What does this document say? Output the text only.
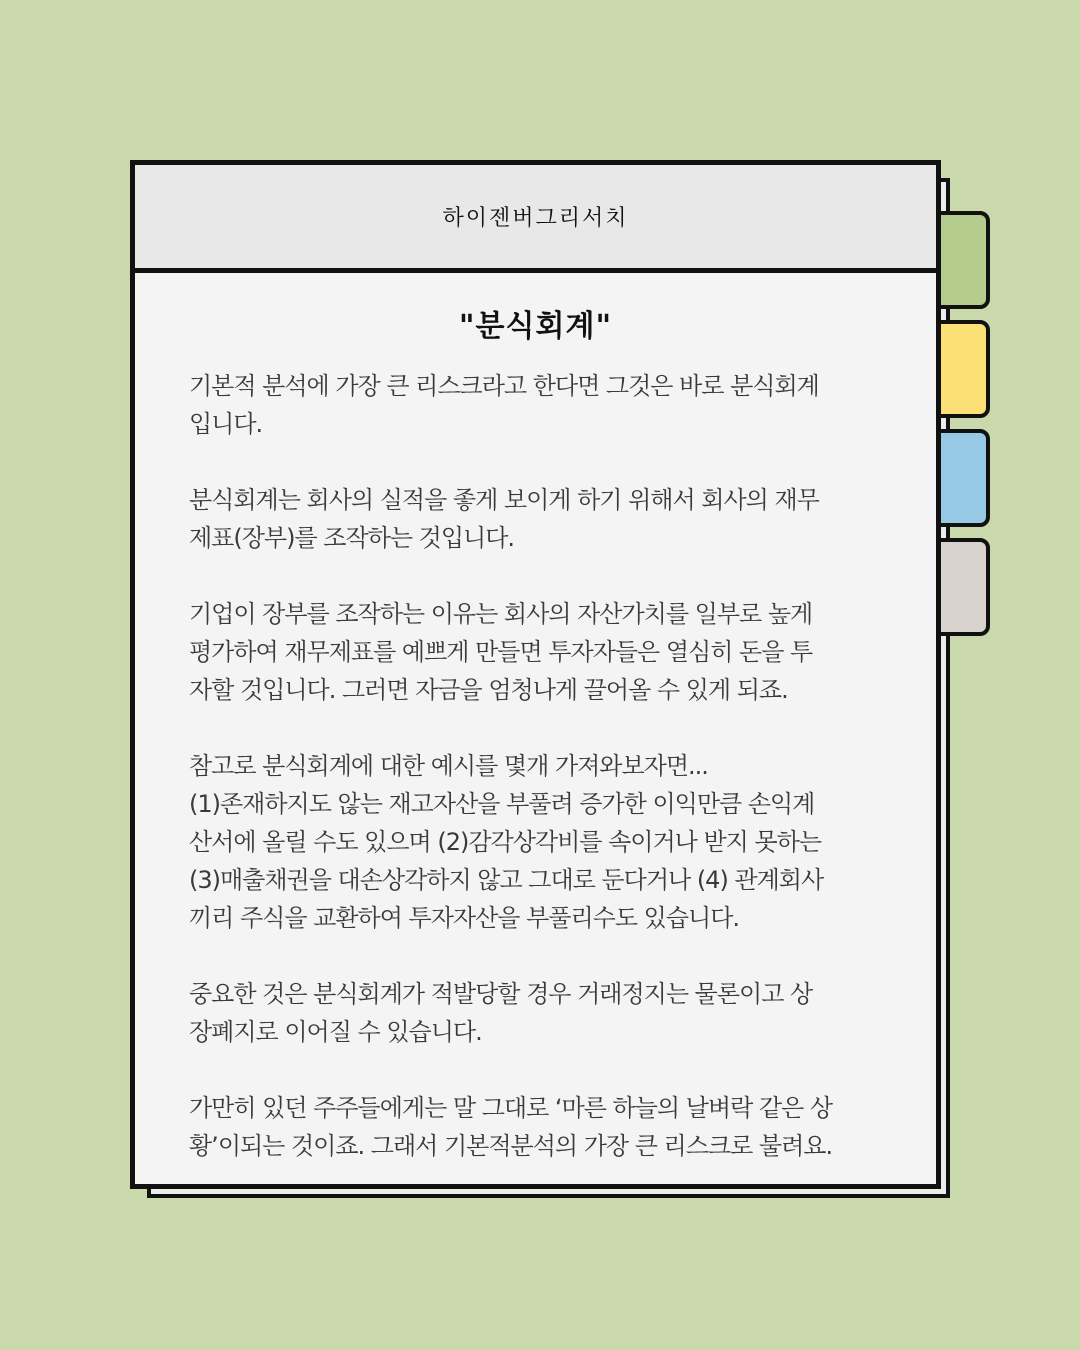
하이젠버그리서치
"분식회계"
기본적 분석에 가장 큰 리스크라고 한다면 그것은 바로 분식회계
입니다.
분식회계는 회사의 실적을 좋게 보이게 하기 위해서 회사의 재무
제표(장부)를 조작하는 것입니다.
기업이 장부를 조작하는 이유는 회사의 자산가치를 일부로 높게
평가하여 재무제표를 예쁘게 만들면 투자자들은 열심히 돈을 투
자할 것입니다. 그러면 자금을 엄청나게 끌어올 수 있게 되죠.
참고로 분식회계에 대한 예시를 몇개 가져와보자면...
(1)존재하지도 않는 재고자산을 부풀려 증가한 이익만큼 손익계
산서에 올릴 수도 있으며 (2)감각상각비를 속이거나 받지 못하는
(3)매출채권을 대손상각하지 않고 그대로 둔다거나 (4) 관계회사
끼리 주식을 교환하여 투자자산을 부풀리수도 있습니다.
중요한 것은 분식회계가 적발당할 경우 거래정지는 물론이고 상
장폐지로 이어질 수 있습니다.
가만히 있던 주주들에게는 말 그대로 ‘마른 하늘의 날벼락 같은 상
황’이되는 것이죠. 그래서 기본적분석의 가장 큰 리스크로 불려요.
